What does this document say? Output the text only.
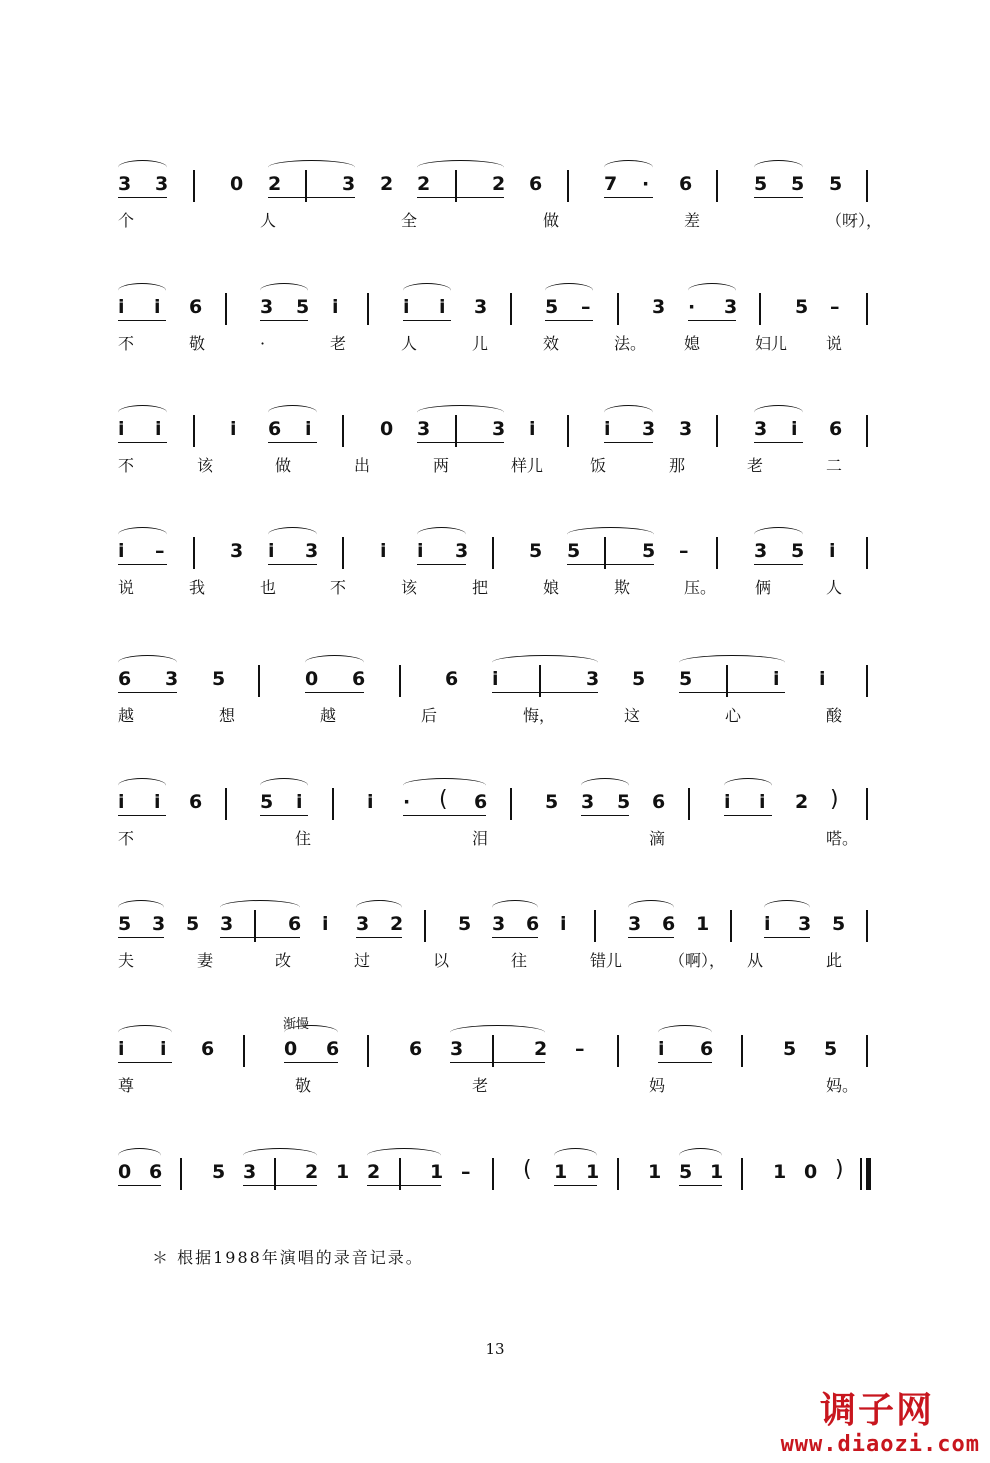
3 3	0 2	3 2 2	2 6	7 · 6	5 5 5
个	人	全	做	差	（呀），
i i 6	3 5 i	i i 3	5 –	3 · 3	5 –
不	敬	·	老	人	儿	效	法。 媳	妇儿 说
i i	i 6 i	0 3	3 i	i 3 3	3 i 6
不	该	做	出	两	样儿	饭	那	老	二
i –	3 i 3	i i 3	5 5	5 –	3 5 i
说	我	也	不	该	把	娘	欺	压。 俩	人
6 3 5	0 6	6 i	3 5 5	i i
越	想	越	后	悔，	这	心	酸
i i 6	5 i	i · ( 6	5 3 5 6	i i 2 )
不	住	泪	滴	嗒。
5 3 5 3	6 i 3 2	5 3 6 i	3 6 1	i 3 5
夫	妻	改	过	以	往	错儿	（啊）， 从	此
i i 6	0 6	6 3	2 –	i 6	5 5
渐慢
尊	敬	老	妈	妈。
0 6	5 3	2 1 2	1 – ( 1 1	1 5 1	1 0 )
＊ 根据1988年演唱的录音记录。
13
调子网
www.diaozi.com
